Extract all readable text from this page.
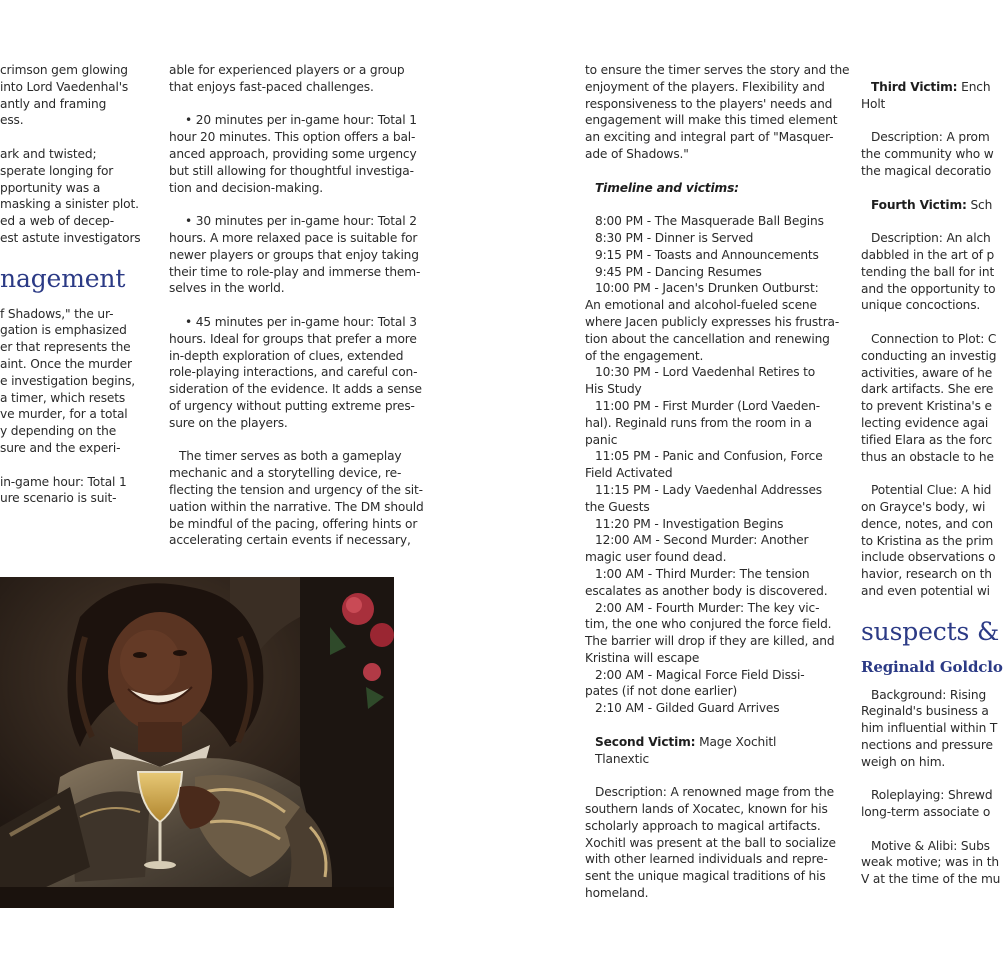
crimson gem glowing
into Lord Vaedenhal's
antly and framing
ess.

ark and twisted;
sperate longing for
pportunity was a
masking a sinister plot.
ed a web of decep-
est astute investigators

nagement

f Shadows," the ur-
gation is emphasized
er that represents the
aint. Once the murder
e investigation begins,
a timer, which resets
ve murder, for a total
y depending on the
sure and the experi-

in-game hour: Total 1
ure scenario is suit-

able for experienced players or a group
that enjoys fast-paced challenges.

• 20 minutes per in-game hour: Total 1
hour 20 minutes. This option offers a bal-
anced approach, providing some urgency
but still allowing for thoughtful investiga-
tion and decision-making.

• 30 minutes per in-game hour: Total 2
hours. A more relaxed pace is suitable for
newer players or groups that enjoy taking
their time to role-play and immerse them-
selves in the world.

• 45 minutes per in-game hour: Total 3
hours. Ideal for groups that prefer a more
in-depth exploration of clues, extended
role-playing interactions, and careful con-
sideration of the evidence. It adds a sense
of urgency without putting extreme pres-
sure on the players.

The timer serves as both a gameplay
mechanic and a storytelling device, re-
flecting the tension and urgency of the sit-
uation within the narrative. The DM should
be mindful of the pacing, offering hints or
accelerating certain events if necessary,

to ensure the timer serves the story and the
enjoyment of the players. Flexibility and
responsiveness to the players' needs and
engagement will make this timed element
an exciting and integral part of "Masquer-
ade of Shadows."

Timeline and victims:

8:00 PM - The Masquerade Ball Begins
8:30 PM - Dinner is Served
9:15 PM - Toasts and Announcements
9:45 PM - Dancing Resumes
10:00 PM - Jacen's Drunken Outburst:
An emotional and alcohol-fueled scene
where Jacen publicly expresses his frustra-
tion about the cancellation and renewing
of the engagement.
10:30 PM - Lord Vaedenhal Retires to
His Study
11:00 PM - First Murder (Lord Vaeden-
hal). Reginald runs from the room in a
panic
11:05 PM - Panic and Confusion, Force
Field Activated
11:15 PM - Lady Vaedenhal Addresses
the Guests
11:20 PM - Investigation Begins
12:00 AM - Second Murder: Another
magic user found dead.
1:00 AM - Third Murder: The tension
escalates as another body is discovered.
2:00 AM - Fourth Murder: The key vic-
tim, the one who conjured the force field.
The barrier will drop if they are killed, and
Kristina will escape
2:00 AM - Magical Force Field Dissi-
pates (if not done earlier)
2:10 AM - Gilded Guard Arrives

Second Victim: Mage Xochitl
Tlanextic

Description: A renowned mage from the
southern lands of Xocatec, known for his
scholarly approach to magical artifacts.
Xochitl was present at the ball to socialize
with other learned individuals and repre-
sent the unique magical traditions of his
homeland.

Third Victim: Ench
Holt

Description: A prom
the community who w
the magical decoratio

Fourth Victim: Sch

Description: An alch
dabbled in the art of p
tending the ball for int
and the opportunity to
unique concoctions.

Connection to Plot: C
conducting an investig
activities, aware of he
dark artifacts. She ere
to prevent Kristina's e
lecting evidence agai
tified Elara as the forc
thus an obstacle to he

Potential Clue: A hid
on Grayce's body, wi
dence, notes, and con
to Kristina as the prim
include observations o
havior, research on th
and even potential wi

suspects &
Reginald Goldclo

Background: Rising
Reginald's business a
him influential within T
nections and pressure
weigh on him.

Roleplaying: Shrewd
long-term associate o

Motive & Alibi: Subs
weak motive; was in th
V at the time of the mu
